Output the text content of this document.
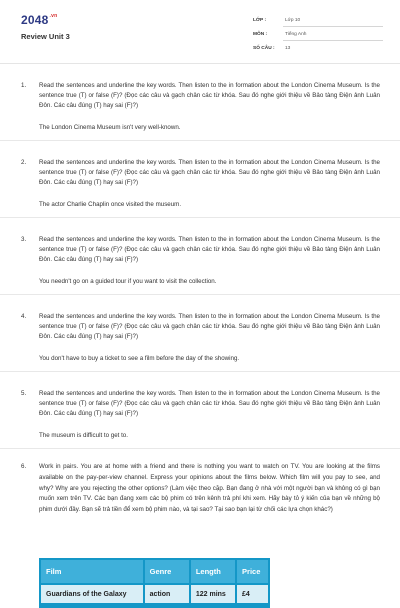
$2048^{.vn}$
Review Unit 3
LỚP :	Lớp 10
MÔN :	Tiếng Anh
SỐ CÂU : 13
1. Read the sentences and underline the key words. Then listen to the in formation about the London Cinema Museum. Is the sentence true (T) or false (F)? (Đọc các câu và gạch chân các từ khóa. Sau đó nghe giới thiệu về Bảo tàng Điện ảnh Luân Đôn. Các câu đúng (T) hay sai (F)?)
The London Cinema Museum isn't very well-known.
2. Read the sentences and underline the key words. Then listen to the in formation about the London Cinema Museum. Is the sentence true (T) or false (F)? (Đọc các câu và gạch chân các từ khóa. Sau đó nghe giới thiệu về Bảo tàng Điện ảnh Luân Đôn. Các câu đúng (T) hay sai (F)?)
The actor Charlie Chaplin once visited the museum.
3. Read the sentences and underline the key words. Then listen to the in formation about the London Cinema Museum. Is the sentence true (T) or false (F)? (Đọc các câu và gạch chân các từ khóa. Sau đó nghe giới thiệu về Bảo tàng Điện ảnh Luân Đôn. Các câu đúng (T) hay sai (F)?)
You needn't go on a guided tour if you want to visit the collection.
4. Read the sentences and underline the key words. Then listen to the in formation about the London Cinema Museum. Is the sentence true (T) or false (F)? (Đọc các câu và gạch chân các từ khóa. Sau đó nghe giới thiệu về Bảo tàng Điện ảnh Luân Đôn. Các câu đúng (T) hay sai (F)?)
You don't have to buy a ticket to see a film before the day of the showing.
5. Read the sentences and underline the key words. Then listen to the in formation about the London Cinema Museum. Is the sentence true (T) or false (F)? (Đọc các câu và gạch chân các từ khóa. Sau đó nghe giới thiệu về Bảo tàng Điện ảnh Luân Đôn. Các câu đúng (T) hay sai (F)?)
The museum is difficult to get to.
6. Work in pairs. You are at home with a friend and there is nothing you want to watch on TV. You are looking at the films available on the pay-per-view channel. Express your opinions about the films below. Which film will you pay to see, and why? Why are you rejecting the other options? (Làm việc theo cặp. Bạn đang ở nhà với một người bạn và không có gì bạn muốn xem trên TV. Các bạn đang xem các bộ phim có trên kênh trả phí khi xem. Hãy bày tỏ ý kiến của bạn về những bộ phim dưới đây. Bạn sẽ trả tiền để xem bộ phim nào, và tại sao? Tại sao bạn lại từ chối các lựa chọn khác?)
Film	Genre	Length	Price
Guardians of the Galaxy	action	122 mins	£4
